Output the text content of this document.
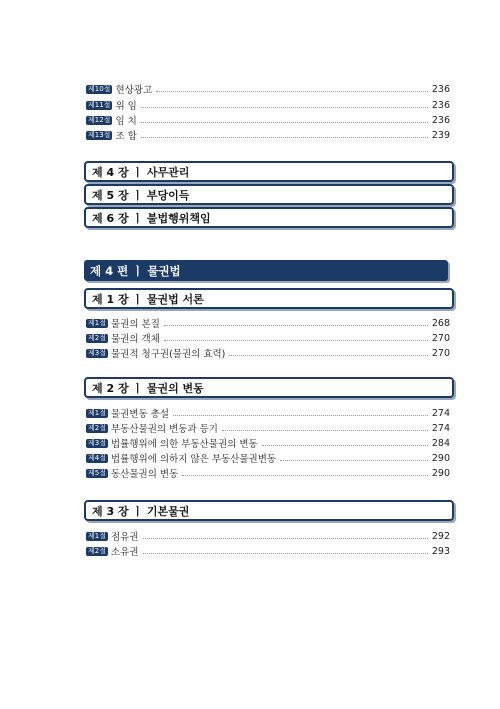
제10절 현상광고	236
제11절 위 임	236
제12절 임 치	236
제13절 조 합	239
제 4 장 ㅣ 사무관리
제 5 장 ㅣ 부당이득
제 6 장 ㅣ 불법행위책임
제 4 편 ㅣ 물권법
제 1 장 ㅣ 물권법 서론
제1절 물권의 본질	268
제2절 물권의 객체	270
제3절 물권적 청구권(물권의 효력)	270
제 2 장 ㅣ 물권의 변동
제1절 물권변동 총설	274
제2절 부동산물권의 변동과 등기	274
제3절 법률행위에 의한 부동산물권의 변동	284
제4절 법률행위에 의하지 않은 부동산물권변동	290
제5절 동산물권의 변동	290
제 3 장 ㅣ 기본물권
제1절 점유권	292
제2절 소유권	293
